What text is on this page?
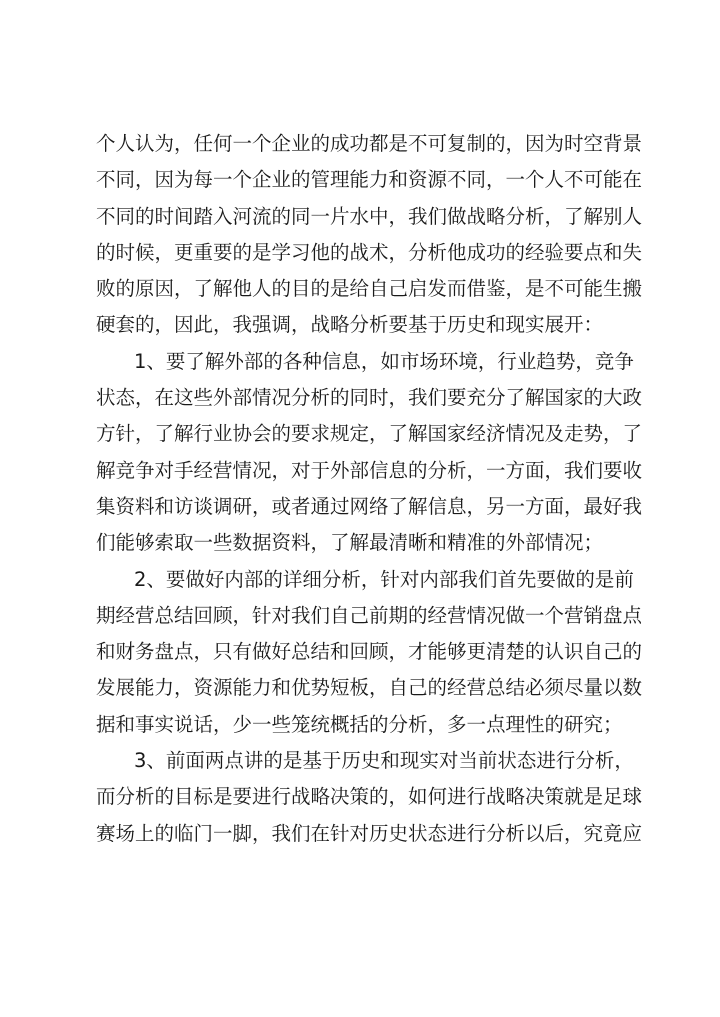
个人认为，任何一个企业的成功都是不可复制的，因为时空背景
不同，因为每一个企业的管理能力和资源不同，一个人不可能在
不同的时间踏入河流的同一片水中，我们做战略分析，了解别人
的时候，更重要的是学习他的战术，分析他成功的经验要点和失
败的原因，了解他人的目的是给自己启发而借鉴，是不可能生搬
硬套的，因此，我强调，战略分析要基于历史和现实展开：
1、要了解外部的各种信息，如市场环境，行业趋势，竞争
状态，在这些外部情况分析的同时，我们要充分了解国家的大政
方针，了解行业协会的要求规定，了解国家经济情况及走势，了
解竞争对手经营情况，对于外部信息的分析，一方面，我们要收
集资料和访谈调研，或者通过网络了解信息，另一方面，最好我
们能够索取一些数据资料，了解最清晰和精准的外部情况；
2、要做好内部的详细分析，针对内部我们首先要做的是前
期经营总结回顾，针对我们自己前期的经营情况做一个营销盘点
和财务盘点，只有做好总结和回顾，才能够更清楚的认识自己的
发展能力，资源能力和优势短板，自己的经营总结必须尽量以数
据和事实说话，少一些笼统概括的分析，多一点理性的研究；
3、前面两点讲的是基于历史和现实对当前状态进行分析，
而分析的目标是要进行战略决策的，如何进行战略决策就是足球
赛场上的临门一脚，我们在针对历史状态进行分析以后，究竟应
